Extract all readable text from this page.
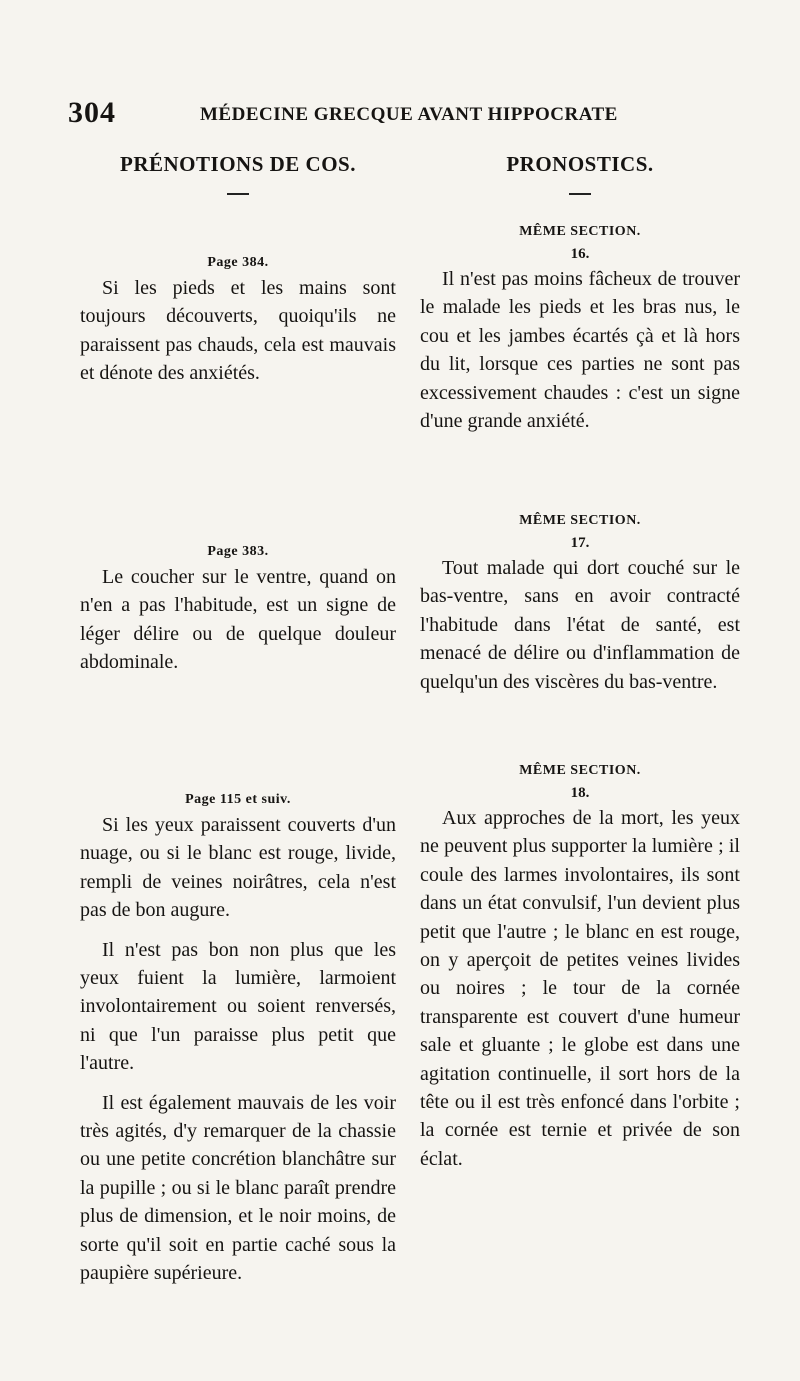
304	MÉDECINE GRECQUE AVANT HIPPOCRATE
PRÉNOTIONS DE COS.
Page 384.

Si les pieds et les mains sont toujours découverts, quoiqu'ils ne paraissent pas chauds, cela est mauvais et dénote des anxiétés.

Page 383.

Le coucher sur le ventre, quand on n'en a pas l'habitude, est un signe de léger délire ou de quelque douleur abdominale.

Page 115 et suiv.

Si les yeux paraissent couverts d'un nuage, ou si le blanc est rouge, livide, rempli de veines noirâtres, cela n'est pas de bon augure.

Il n'est pas bon non plus que les yeux fuient la lumière, larmoient involontairement ou soient renversés, ni que l'un paraisse plus petit que l'autre.

Il est également mauvais de les voir très agités, d'y remarquer de la chassie ou une petite concrétion blanchâtre sur la pupille ; ou si le blanc paraît prendre plus de dimension, et le noir moins, de sorte qu'il soit en partie caché sous la paupière supérieure.

PRONOSTICS.
MÊME SECTION.
16.

Il n'est pas moins fâcheux de trouver le malade les pieds et les bras nus, le cou et les jambes écartés çà et là hors du lit, lorsque ces parties ne sont pas excessivement chaudes : c'est un signe d'une grande anxiété.

MÊME SECTION.
17.

Tout malade qui dort couché sur le bas-ventre, sans en avoir contracté l'habitude dans l'état de santé, est menacé de délire ou d'inflammation de quelqu'un des viscères du bas-ventre.

MÊME SECTION.
18.

Aux approches de la mort, les yeux ne peuvent plus supporter la lumière ; il coule des larmes involontaires, ils sont dans un état convulsif, l'un devient plus petit que l'autre ; le blanc en est rouge, on y aperçoit de petites veines livides ou noires ; le tour de la cornée transparente est couvert d'une humeur sale et gluante ; le globe est dans une agitation continuelle, il sort hors de la tête ou il est très enfoncé dans l'orbite ; la cornée est ternie et privée de son éclat.
